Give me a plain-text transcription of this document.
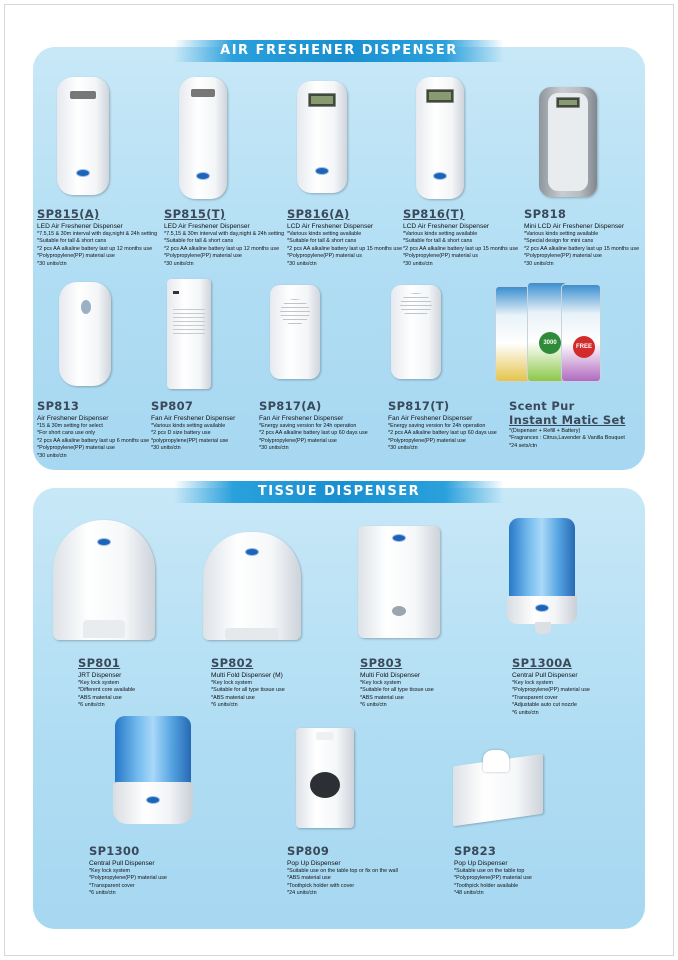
AIR FRESHENER DISPENSER
SP815(A)
LED Air Freshener Dispenser
*7.5,15 & 30m interval with day,night & 24h setting
*Suitable for tall & short cans
*2 pcs AA alkaline battery last up 12 months use
*Polypropylene(PP) material use
*30 units/ctn
SP815(T)
LED Air Freshener Dispenser
*7.5,15 & 30m interval with day,night & 24h setting
*Suitable for tall & short cans
*2 pcs AA alkaline battery last up 12 months use
*Polypropylene(PP) material use
*30 units/ctn
SP816(A)
LCD Air Freshener Dispenser
*Various kinds setting available
*Suitable for tall & short cans
*2 pcs AA alkaline battery last up 15 months use
*Polypropylene(PP) material us
*30 units/ctn
SP816(T)
LCD Air Freshener Dispenser
*Various kinds setting available
*Suitable for tall & short cans
*2 pcs AA alkaline battery last up 15 months use
*Polypropylene(PP) material us
*30 units/ctn
SP818
Mini LCD Air Freshener Dispenser
*Various kinds setting available
*Special design for mini cans
*2 pcs AA alkaline battery last up 15 months use
*Polypropylene(PP) material use
*30 units/ctn
3000
FREE
SP813
Air Freshener Dispenser
*15 & 30m setting for select
*For short cans use only
*2 pcs AA alkaline battery last up 6 months use
*Polypropylene(PP) material use
*30 units/ctn
SP807
Fan Air Freshener Dispenser
*Various kinds setting available
*2 pcs D size battery use
*polypropylene(PP) material use
*30 units/ctn
SP817(A)
Fan Air Freshener Dispenser
*Energy saving version for 24h operation
*2 pcs AA alkaline battery last up 60 days use
*Polypropylene(PP) material use
*30 units/ctn
SP817(T)
Fan Air Freshener Dispenser
*Energy saving version for 24h operation
*2 pcs AA alkaline battery last up 60 days use
*Polypropylene(PP) material use
*30 units/ctn
Scent Pur
Instant Matic Set
*(Dispenser + Refill + Battery)
*Fragrances : Citrus,Lavender & Vanilla Bouquet
*24 sets/ctn
TISSUE DISPENSER
SP801
JRT Dispenser
*Key lock system
*Different core available
*ABS material use
*6 units/ctn
SP802
Multi Fold Dispenser (M)
*Key lock system
*Suitable for all type tissue use
*ABS material use
*6 units/ctn
SP803
Multi Fold Dispenser
*Key lock system
*Suitable for all type tissue use
*ABS material use
*6 units/ctn
SP1300A
Central Pull Dispenser
*Key lock system
*Polypropylene(PP) material use
*Transparent cover
*Adjustable auto cut nozzle
*6 units/ctn
SP1300
Central Pull Dispenser
*Key lock system
*Polypropylene(PP) material use
*Transparent cover
*6 units/ctn
SP809
Pop Up Dispenser
*Suitable use on the table top or fix on the wall
*ABS material use
*Toothpick holder with cover
*24 units/ctn
SP823
Pop Up Dispenser
*Suitable use on the table top
*Polypropylene(PP) material use
*Toothpick holder available
*48 units/ctn
